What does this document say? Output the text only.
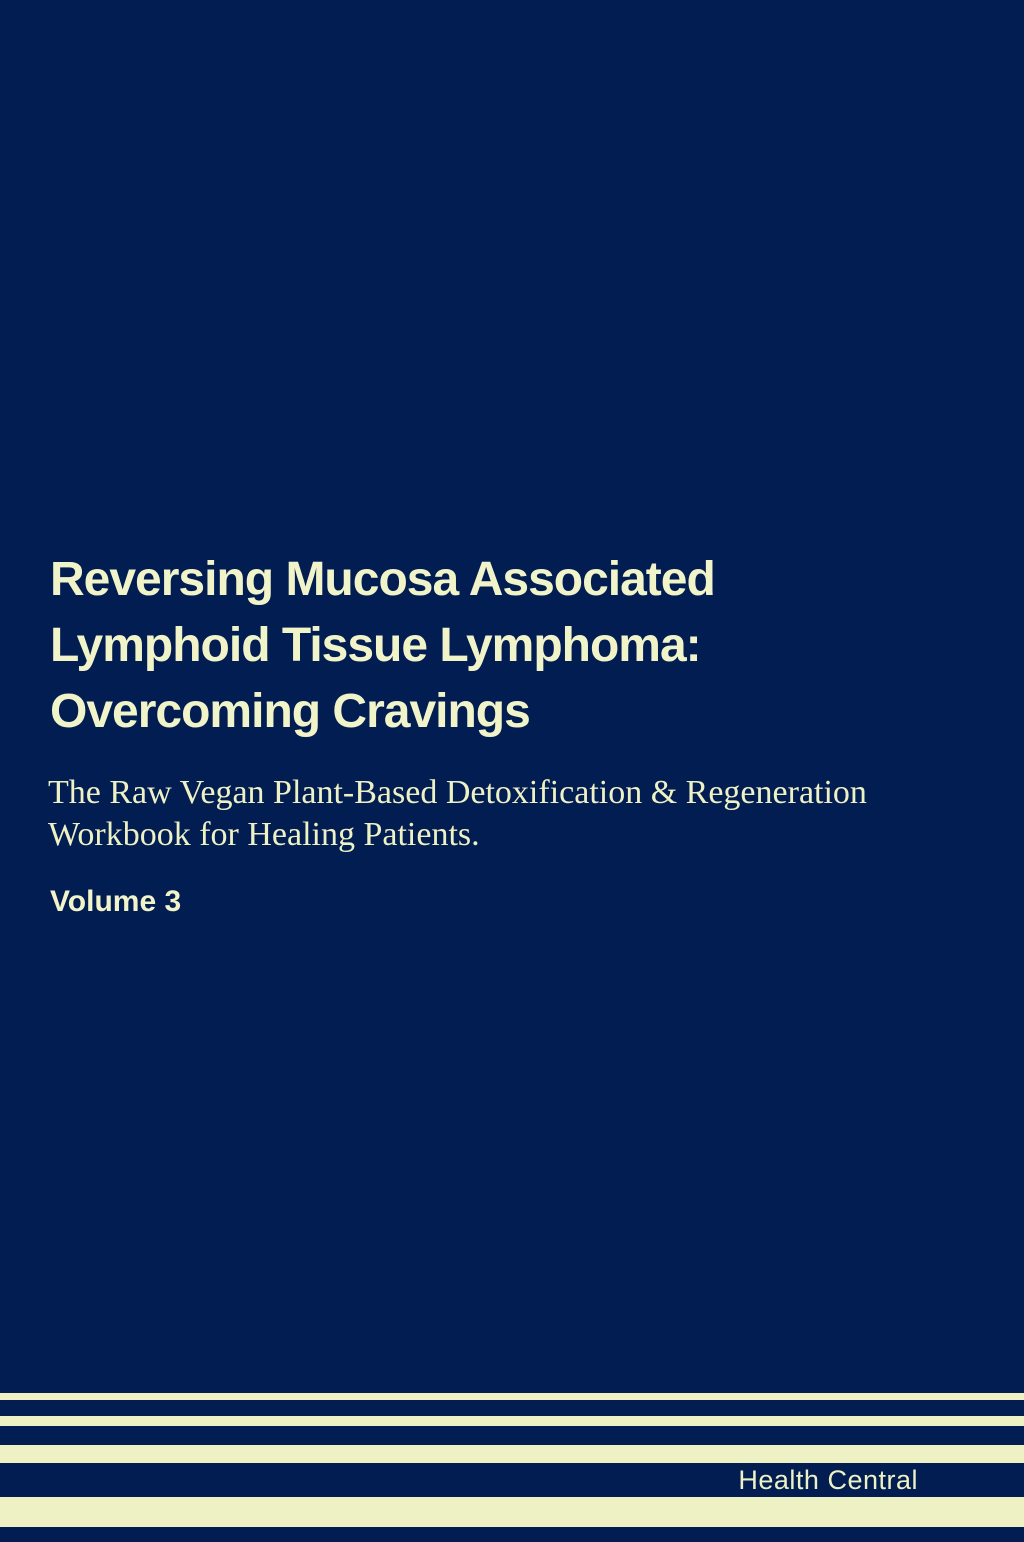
Reversing Mucosa Associated
Lymphoid Tissue Lymphoma:
Overcoming Cravings
The Raw Vegan Plant-Based Detoxification & Regeneration
Workbook for Healing Patients.
Volume 3
Health Central
